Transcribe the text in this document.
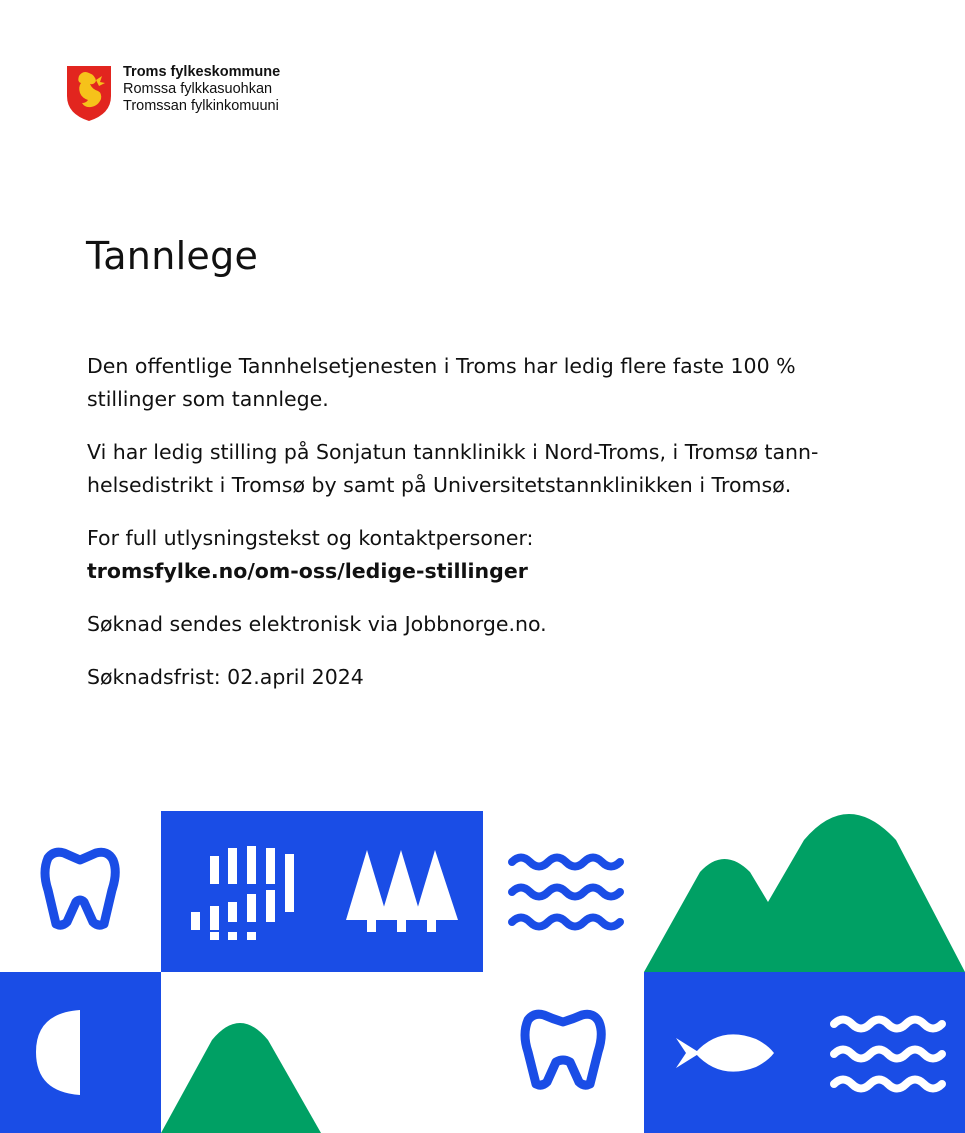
Troms fylkeskommune
Romssa fylkkasuohkan
Tromssan fylkinkomuuni
Tannlege

Den offentlige Tannhelsetjenesten i Troms har ledig flere faste 100 %
stillinger som tannlege.

Vi har ledig stilling på Sonjatun tannklinikk i Nord-Troms, i Tromsø tann-
helsedistrikt i Tromsø by samt på Universitetstannklinikken i Tromsø.

For full utlysningstekst og kontaktpersoner:
tromsfylke.no/om-oss/ledige-stillinger

Søknad sendes elektronisk via Jobbnorge.no.

Søknadsfrist: 02.april 2024
